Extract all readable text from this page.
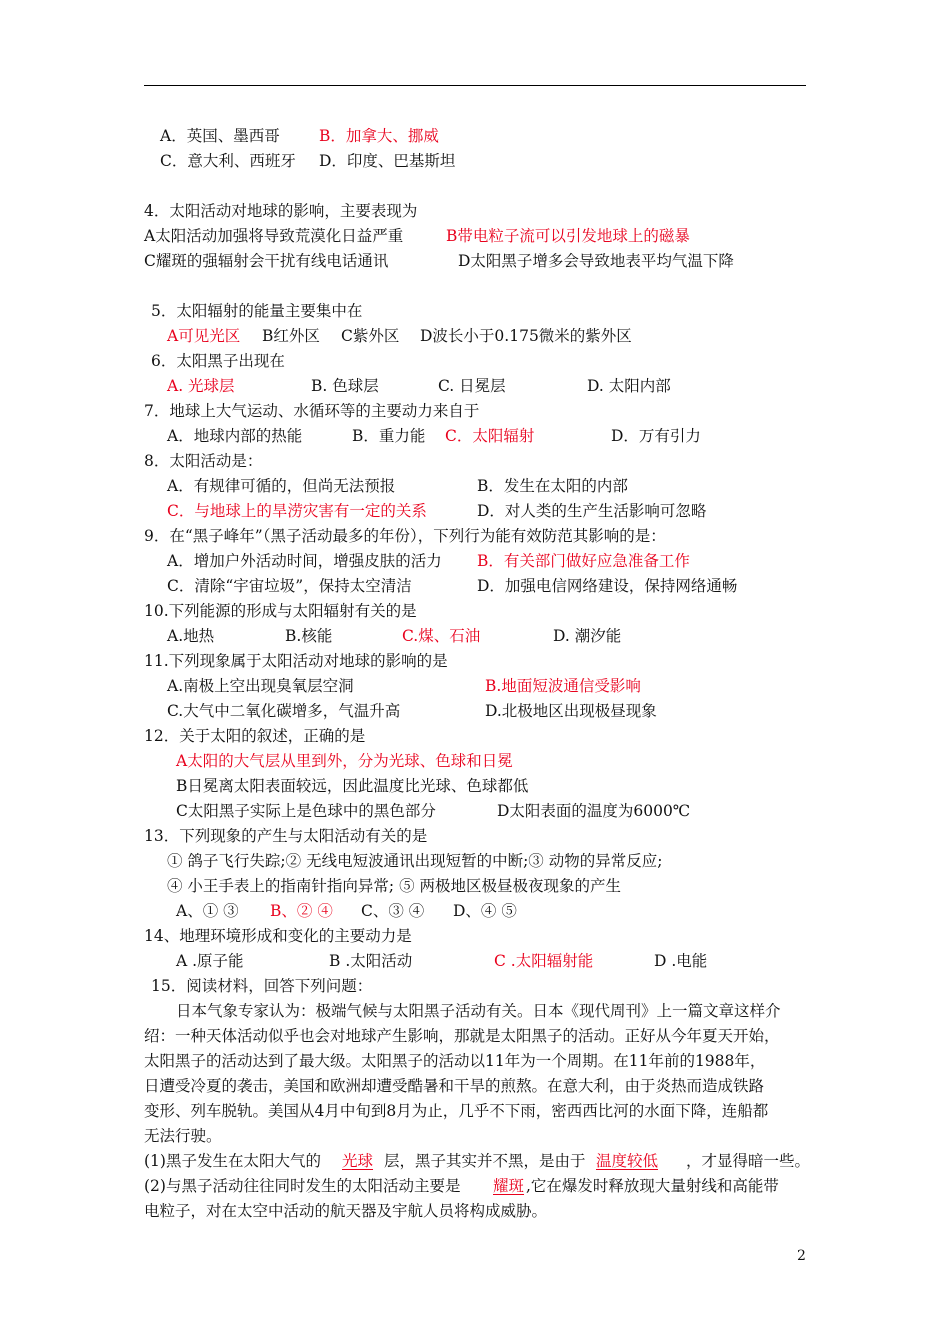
A．英国、墨西哥	B．加拿大、挪威
C．意大利、西班牙 D．印度、巴基斯坦
4．太阳活动对地球的影响，主要表现为
A太阳活动加强将导致荒漠化日益严重	B带电粒子流可以引发地球上的磁暴
C耀斑的强辐射会干扰有线电话通讯	D太阳黑子增多会导致地表平均气温下降
5．太阳辐射的能量主要集中在
A可见光区 B红外区 C紫外区 D波长小于0.175微米的紫外区
6．太阳黑子出现在
A. 光球层	B. 色球层	C. 日冕层	D. 太阳内部
7．地球上大气运动、水循环等的主要动力来自于
A．地球内部的热能	B．重力能 C．太阳辐射	D．万有引力
8．太阳活动是：
A．有规律可循的，但尚无法预报	B．发生在太阳的内部
C．与地球上的旱涝灾害有一定的关系	D．对人类的生产生活影响可忽略
9．在“黑子峰年”（黑子活动最多的年份），下列行为能有效防范其影响的是：
A．增加户外活动时间，增强皮肤的活力 B．有关部门做好应急准备工作
C．清除“宇宙垃圾”，保持太空清洁	D．加强电信网络建设，保持网络通畅
10.下列能源的形成与太阳辐射有关的是
A.地热	B.核能	C.煤、石油	D. 潮汐能
11.下列现象属于太阳活动对地球的影响的是
A.南极上空出现臭氧层空洞	B.地面短波通信受影响
C.大气中二氧化碳增多，气温升高	D.北极地区出现极昼现象
12．关于太阳的叙述，正确的是
A太阳的大气层从里到外，分为光球、色球和日冕
B日冕离太阳表面较远，因此温度比光球、色球都低
C太阳黑子实际上是色球中的黑色部分	D太阳表面的温度为6000℃
13．下列现象的产生与太阳活动有关的是
① 鸽子飞行失踪;② 无线电短波通讯出现短暂的中断;③ 动物的异常反应;
④ 小王手表上的指南针指向异常; ⑤ 两极地区极昼极夜现象的产生
A、① ③ B、② ④ C、③ ④ D、④ ⑤
14、地理环境形成和变化的主要动力是
A .原子能	B .太阳活动	C .太阳辐射能	D .电能
15．阅读材料，回答下列问题：
日本气象专家认为：极端气候与太阳黑子活动有关。日本《现代周刊》上一篇文章这样介
绍：一种天体活动似乎也会对地球产生影响，那就是太阳黑子的活动。正好从今年夏天开始，
太阳黑子的活动达到了最大级。太阳黑子的活动以11年为一个周期。在11年前的1988年，
日遭受冷夏的袭击，美国和欧洲却遭受酷暑和干旱的煎熬。在意大利，由于炎热而造成铁路
变形、列车脱轨。美国从4月中旬到8月为止，几乎不下雨，密西西比河的水面下降，连船都
无法行驶。
(1)黑子发生在太阳大气的 光球 层，黑子其实并不黑，是由于 温度较低 ，才显得暗一些。
(2)与黑子活动往往同时发生的太阳活动主要是 耀斑 ,它在爆发时释放现大量射线和高能带
电粒子，对在太空中活动的航天器及宇航人员将构成威胁。
2
